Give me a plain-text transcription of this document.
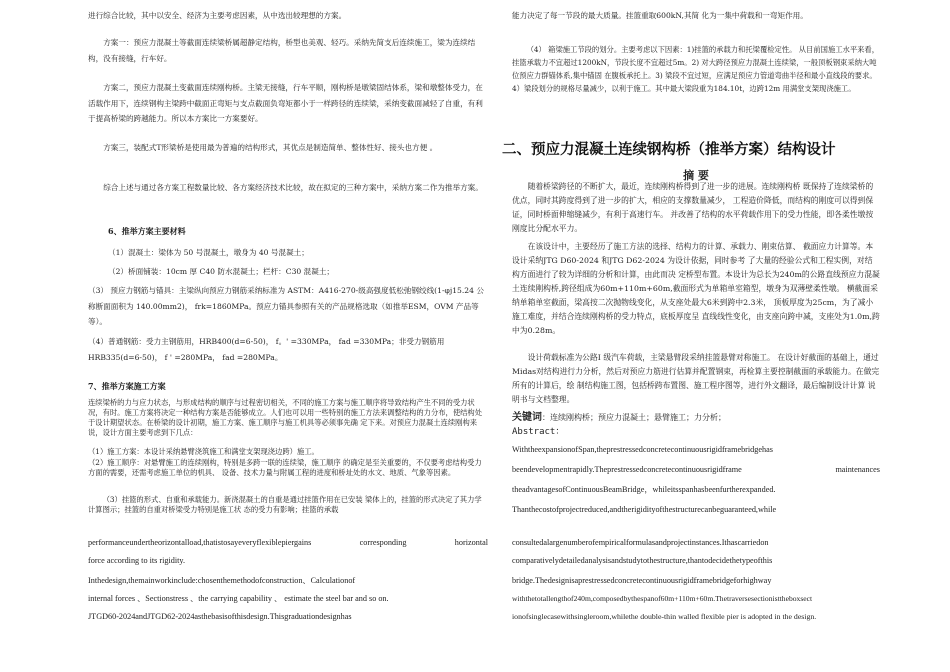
进行综合比较，其中以安全、经济为主要考虑因素，从中选出较理想的方案。

方案一：预应力混凝土等截面连续梁桥属超静定结构，桥型也美观、轻巧。采纳先简支后连续施工，梁为连续结构，没有接缝，行车好。

方案二，预应力混凝土变截面连续刚构桥。主梁无接缝，行车平顺，刚构桥是墩梁固结体系，梁和墩整体受力，在活载作用下，连续钢构主梁跨中截面正弯矩与支点截面负弯矩都小于一样跨径的连续梁，采纳变截面减轻了自重，有利于提高桥梁的跨越能力。所以本方案比一方案要好。

方案三，装配式T形梁桥是使用最为普遍的结构形式，其优点是制造简单、整体性好、接头也方便 。

综合上述与通过各方案工程数量比较、各方案经济技术比较，故在拟定的三种方案中，采纳方案二作为推举方案。

6、推举方案主要材料

（1）混凝土：梁体为 50 号混凝土，墩身为 40 号混凝土；

（2）桥面铺装：10cm 厚 C40 防水混凝土；栏杆：C30 混凝土；

（3） 预应力钢筋与锚具：主梁纵向预应力钢筋采纳标准为 ASTM：A416-270-级高强度低松弛钢绞线(1-φj15.24 公称断面面积为 140.00mm2)， frk=1860MPa。预应力锚具参照有关的产品规格选取（如推举ESM，OVM 产品等等）。

（4）普通钢筋：受力主钢筋用，HRB400(d=6-50)， f。' =330MPa， fad =330MPa；非受力钢筋用HRB335(d=6-50)， f ' =280MPa， fad =280MPa。

7、推举方案施工方案

连续梁桥的力与应力状态，与形成结构的顺序与过程密切相关，不同的施工方案与施工顺序将导致结构产生不同的受力状况，有时。施工方案将决定一种结构方案是否能够成立。人们也可以用一些特别的施工方法来调整结构的力分布，使结构处 于设计期望状态。在桥梁的设计初期，施工方案、施工顺序与施工机具等必须事先确 定下来。对预应力混凝土连续刚构来说，设计方面主要考虑到下几点：

（1）施工方案：本设计采纳悬臂浇筑施工和满堂支架现浇边跨）施工。

（2）施工顺序：对悬臂施工的连续刚构，特别是多跨一联的连续梁，施工顺序 的确定是至关重要的，不仅要考虑结构受力方面的需要，还需考虑施工单位的机具、 设备、技术力量与附属工程的进度和桥址处的水文、地质、气象等因素。

（3）挂篮的形式、自重和承载能力。新浇混凝土的自重是通过挂篮作用在已安装 梁体上的，挂篮的形式决定了其力学计算图示；挂篮的自重对桥梁受力特别是施工状 态的受力有影响；挂篮的承载

performanceundertheorizontalload,thatistosayeveryflexiblepiergains corresponding horizontal

force according to its rigidity.

Inthedesign,themainworkinclude:chosenthemethodofconstruction、Calculationof

internal forces 、Sectionstress 、the carrying capability 、 estimate the steel bar and so on.

JTGD60-2024andJTGD62-2024asthebasisofthisdesign.Thisgraduationdesignhas

能力决定了每一节段的最大质量。挂篮重取600kN,其简 化为一集中荷载和一弯矩作用。

（4） 箱梁施工节段的划分。主要考虑以下因素：1)挂篮的承载力和托梁覆检定性。 从目前国施工水平来看，挂篮承载力不宜超过1200kN，节段长度不宜超过5m。2) 对大跨径预应力混凝土连续梁，一般顶板钢束采纳大吨位预应力群锚体系,集中锚固 在腹板承托上。3) 梁段不宜过短，应满足预应力管道弯曲半径和最小直线段的要求。 4）梁段划分的规格尽量减少，以利于施工。其中最大梁段重为184.10t，边跨12m 用满堂支架现浇施工。

二、预应力混凝土连续钢构桥（推举方案）结构设计
摘 要

随着桥梁跨径的不断扩大，最近，连续刚构桥得到了进一步的进展。连续刚构桥 既保持了连续梁桥的优点，同时其跨度得到了进一步的扩大，相应的支撑数量减少， 工程造价降低，而结构的刚度可以得到保证，同时桥面伸缩缝减少，有利于高速行车。 并改善了结构的水平荷载作用下的受力性能，即各柔性墩按刚度比分配水平力。

在该设计中，主要经历了施工方法的选择、结构力的计算、承载力、刚束估算、 截面应力计算等。本设计采纳JTG D60-2024 和JTG D62-2024 为设计依据，同时参考 了大量的经验公式和工程实例，对结构方面进行了较为详细的分析和计算，由此而决 定桥型布置。本设计为总长为240m的公路直线预应力混凝土连续刚构桥,跨径组成为60m+110m+60m,截面形式为单箱单室箱型，墩身为双薄壁柔性墩。 横截面采纳单箱单室截面，梁高按二次抛物线变化，从支座处最大6米到跨中2.3米， 顶板厚度为25cm，为了减小施工难度，并结合连续刚构桥的受力特点，底板厚度呈 直线线性变化，由支座向跨中减，支座处为1.0m,跨中为0.28m。

设计荷载标准为公路I 级汽车荷载，主梁悬臂段采纳挂篮悬臂对称施工。 在设计好截面的基础上，通过Midas对结构进行力分析，然后对预应力筋进行估算并配置钢束，再检算主要控制截面的承载能力。在做完所有的计算后，绘 制结构施工图，包括桥跨布置图、施工程序图等，进行外文翻译，最后编制设计计算 说明书与文档整理。

关键词：连续刚构桥；预应力混凝土；悬臂施工；力分析；
Abstract：

WiththeexpansionofSpan,theprestressedconcretecontinuousrigidframebridgehas

beendevelopmentrapidly.Theprestressedconcretecontinuousrigidframe	maintenances

theadvantagesofContinuousBeamBridge，whileitsspanhasbeenfurtherexpanded.

Thanthecostofprojectreduced,andtherigidityofthestructurecanbeguaranteed,while

consultedalargenumberofempiricalformulasandprojectinstances.Ithascarriedon

comparativelydetailedanalysisandstudytothestructure,thantodecidethetypeofthis

bridge.Thedesignisaprestressedconcretecontinuousrigidframebridgeforhighway

withthetotallengthof240m,composedbythespanof60m+110m+60m.Thetraversesectionisttheboxsect

ionofsinglecasewithsingleroom,whilethe double-thin walled flexible pier is adopted in the design.
